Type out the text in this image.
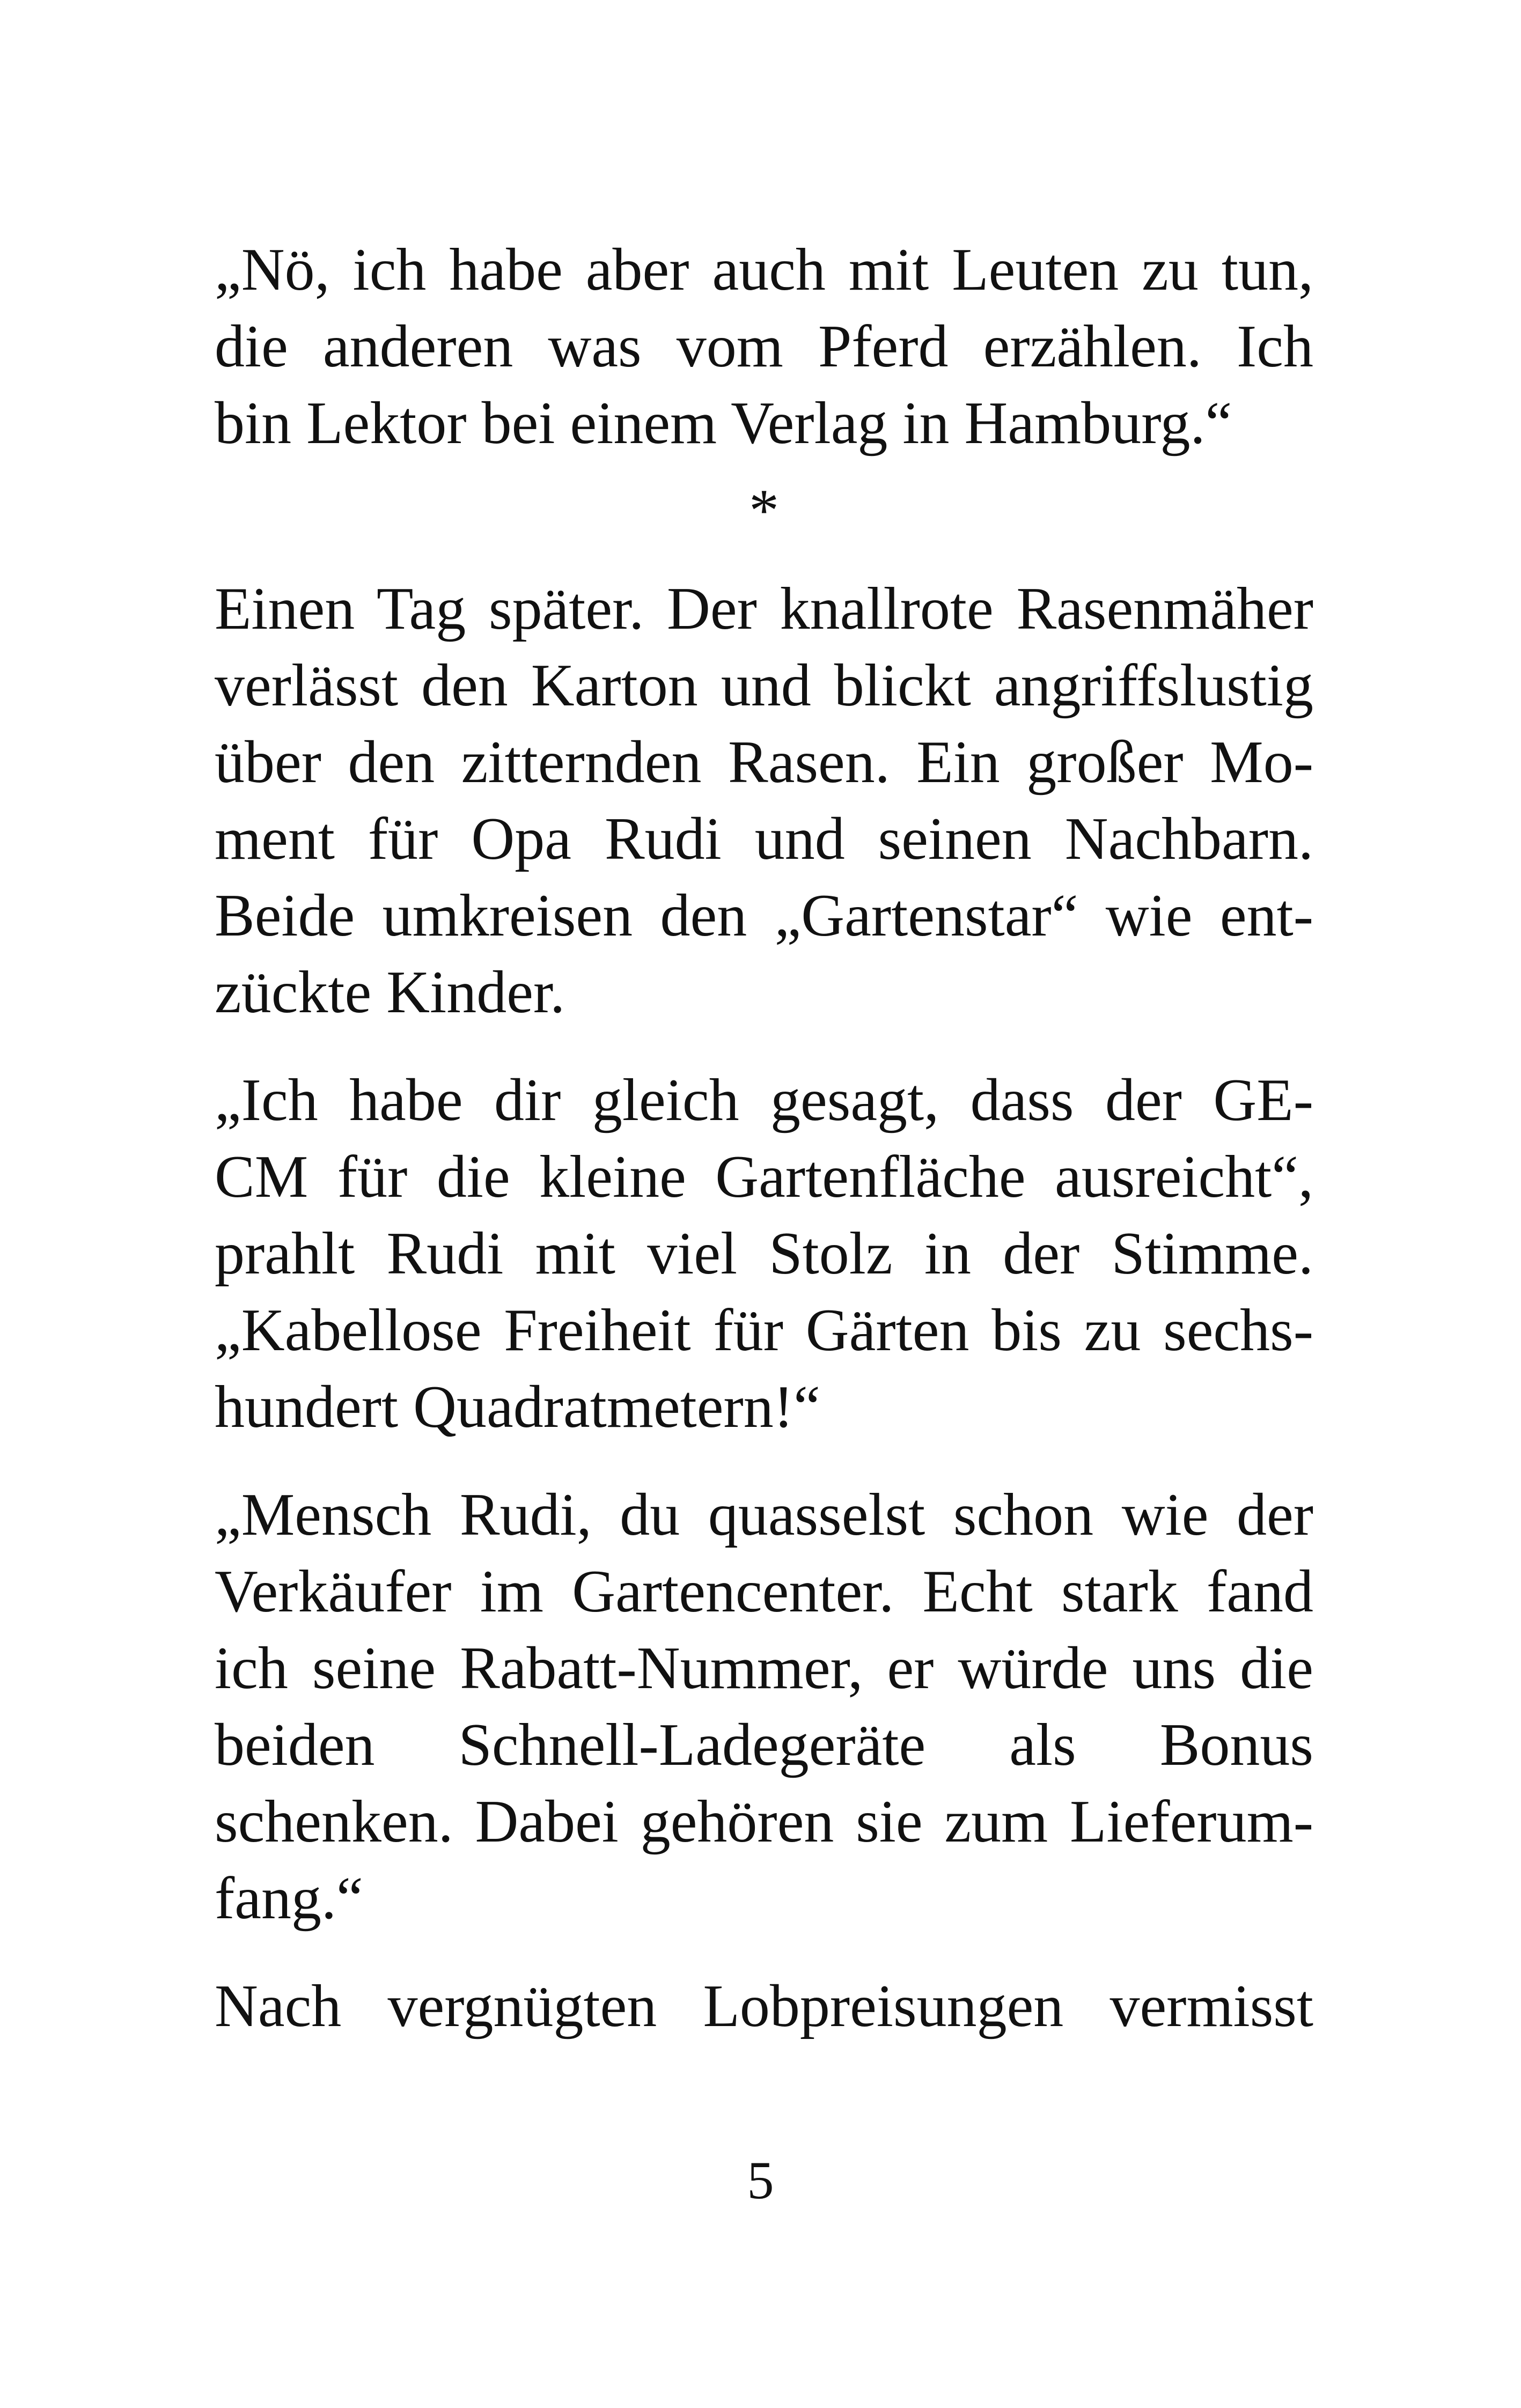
„Nö, ich habe aber auch mit Leuten zu tun,
die anderen was vom Pferd erzählen. Ich
bin Lektor bei einem Verlag in Hamburg.“

*

Einen Tag später. Der knallrote Rasenmäher
verlässt den Karton und blickt angriffslustig
über den zitternden Rasen. Ein großer Mo-
ment für Opa Rudi und seinen Nachbarn.
Beide umkreisen den „Gartenstar“ wie ent-
zückte Kinder.

„Ich habe dir gleich gesagt, dass der GE-
CM für die kleine Gartenfläche ausreicht“,
prahlt Rudi mit viel Stolz in der Stimme.
„Kabellose Freiheit für Gärten bis zu sechs-
hundert Quadratmetern!“

„Mensch Rudi, du quasselst schon wie der
Verkäufer im Gartencenter. Echt stark fand
ich seine Rabatt-Nummer, er würde uns die
beiden Schnell-Ladegeräte als Bonus
schenken. Dabei gehören sie zum Lieferum-
fang.“

Nach vergnügten Lobpreisungen vermisst

5
